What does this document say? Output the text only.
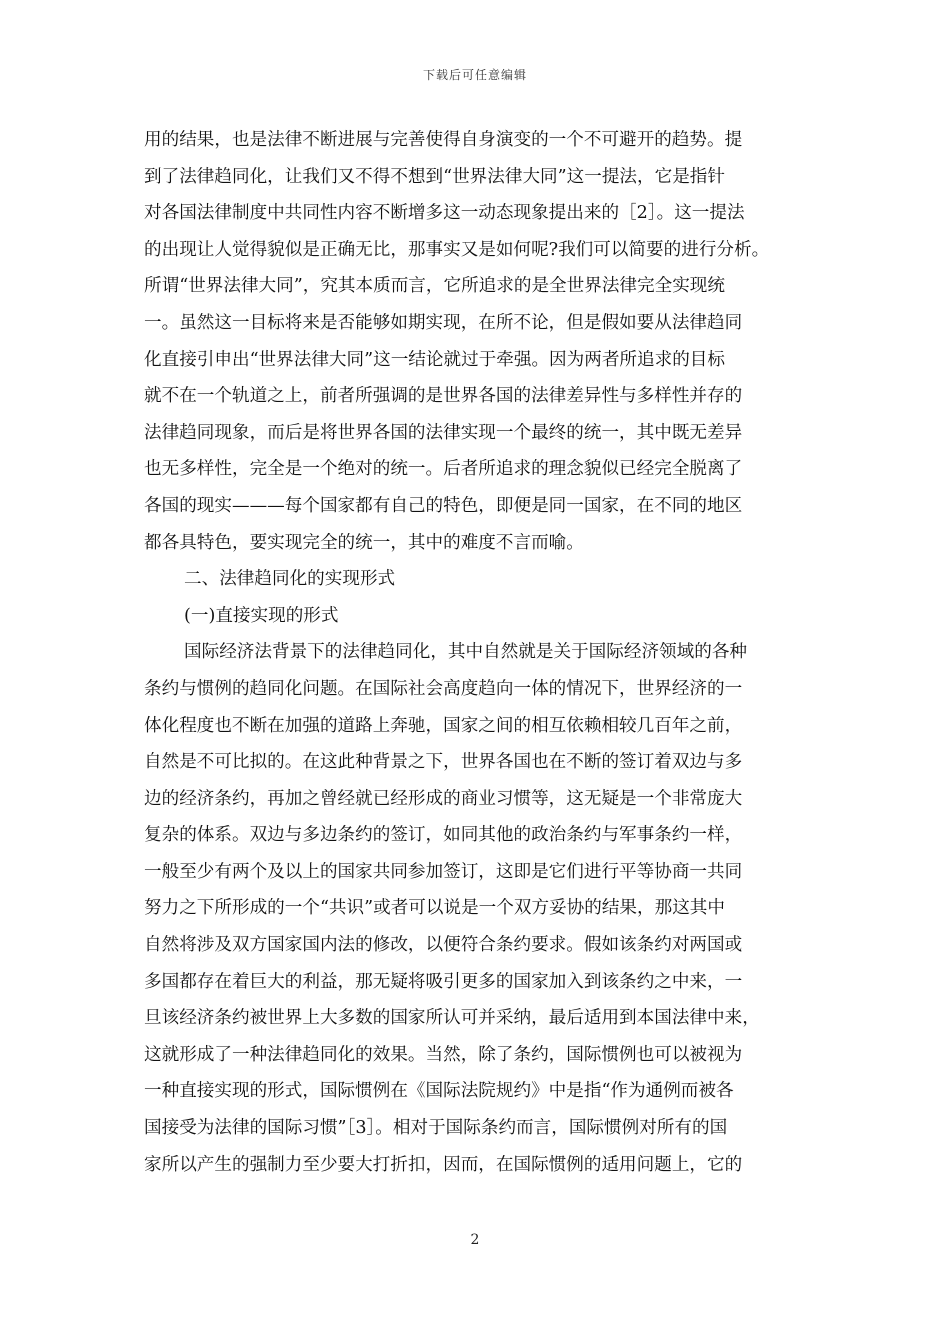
下载后可任意编辑
用的结果，也是法律不断进展与完善使得自身演变的一个不可避开的趋势。提
到了法律趋同化，让我们又不得不想到“世界法律大同”这一提法，它是指针
对各国法律制度中共同性内容不断增多这一动态现象提出来的［2］。这一提法
的出现让人觉得貌似是正确无比，那事实又是如何呢?我们可以简要的进行分析。
所谓“世界法律大同”，究其本质而言，它所追求的是全世界法律完全实现统
一。虽然这一目标将来是否能够如期实现，在所不论，但是假如要从法律趋同
化直接引申出“世界法律大同”这一结论就过于牵强。因为两者所追求的目标
就不在一个轨道之上，前者所强调的是世界各国的法律差异性与多样性并存的
法律趋同现象，而后是将世界各国的法律实现一个最终的统一，其中既无差异
也无多样性，完全是一个绝对的统一。后者所追求的理念貌似已经完全脱离了
各国的现实———每个国家都有自己的特色，即便是同一国家，在不同的地区
都各具特色，要实现完全的统一，其中的难度不言而喻。
二、法律趋同化的实现形式
(一)直接实现的形式
国际经济法背景下的法律趋同化，其中自然就是关于国际经济领域的各种
条约与惯例的趋同化问题。在国际社会高度趋向一体的情况下，世界经济的一
体化程度也不断在加强的道路上奔驰，国家之间的相互依赖相较几百年之前，
自然是不可比拟的。在这此种背景之下，世界各国也在不断的签订着双边与多
边的经济条约，再加之曾经就已经形成的商业习惯等，这无疑是一个非常庞大
复杂的体系。双边与多边条约的签订，如同其他的政治条约与军事条约一样，
一般至少有两个及以上的国家共同参加签订，这即是它们进行平等协商一共同
努力之下所形成的一个“共识”或者可以说是一个双方妥协的结果，那这其中
自然将涉及双方国家国内法的修改，以便符合条约要求。假如该条约对两国或
多国都存在着巨大的利益，那无疑将吸引更多的国家加入到该条约之中来，一
旦该经济条约被世界上大多数的国家所认可并采纳，最后适用到本国法律中来，
这就形成了一种法律趋同化的效果。当然，除了条约，国际惯例也可以被视为
一种直接实现的形式，国际惯例在《国际法院规约》中是指“作为通例而被各
国接受为法律的国际习惯”［3］。相对于国际条约而言，国际惯例对所有的国
家所以产生的强制力至少要大打折扣，因而，在国际惯例的适用问题上，它的
2
